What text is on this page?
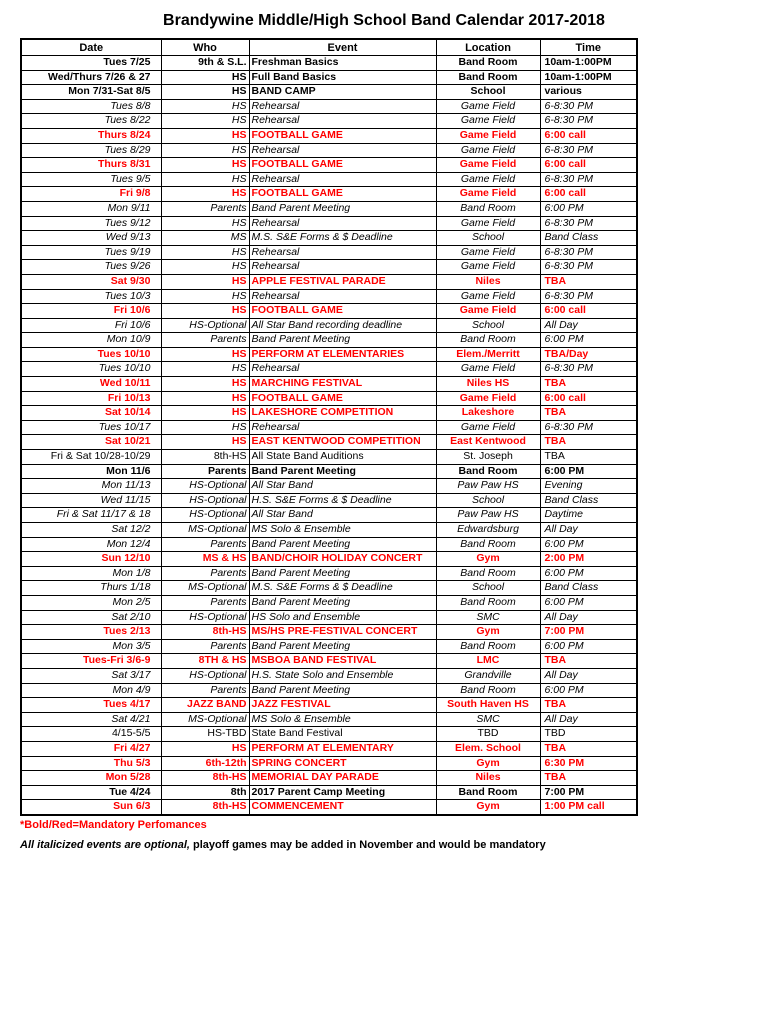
Brandywine Middle/High School Band Calendar 2017-2018
Date	Who	Event	Location	Time
Tues 7/25	9th & S.L.	Freshman Basics	Band Room	10am-1:00PM
Wed/Thurs 7/26 & 27	HS	Full Band Basics	Band Room	10am-1:00PM
Mon 7/31-Sat 8/5	HS	BAND CAMP	School	various
Tues 8/8	HS	Rehearsal	Game Field	6-8:30 PM
Tues 8/22	HS	Rehearsal	Game Field	6-8:30 PM
Thurs 8/24	HS	FOOTBALL GAME	Game Field	6:00 call
Tues 8/29	HS	Rehearsal	Game Field	6-8:30 PM
Thurs 8/31	HS	FOOTBALL GAME	Game Field	6:00 call
Tues 9/5	HS	Rehearsal	Game Field	6-8:30 PM
Fri 9/8	HS	FOOTBALL GAME	Game Field	6:00 call
Mon 9/11	Parents	Band Parent Meeting	Band Room	6:00 PM
Tues 9/12	HS	Rehearsal	Game Field	6-8:30 PM
Wed 9/13	MS	M.S. S&E Forms & $ Deadline	School	Band Class
Tues 9/19	HS	Rehearsal	Game Field	6-8:30 PM
Tues 9/26	HS	Rehearsal	Game Field	6-8:30 PM
Sat 9/30	HS	APPLE FESTIVAL PARADE	Niles	TBA
Tues 10/3	HS	Rehearsal	Game Field	6-8:30 PM
Fri 10/6	HS	FOOTBALL GAME	Game Field	6:00 call
Fri 10/6	HS-Optional	All Star Band recording deadline	School	All Day
Mon 10/9	Parents	Band Parent Meeting	Band Room	6:00 PM
Tues 10/10	HS	PERFORM AT ELEMENTARIES	Elem./Merritt	TBA/Day
Tues 10/10	HS	Rehearsal	Game Field	6-8:30 PM
Wed 10/11	HS	MARCHING FESTIVAL	Niles HS	TBA
Fri 10/13	HS	FOOTBALL GAME	Game Field	6:00 call
Sat 10/14	HS	LAKESHORE COMPETITION	Lakeshore	TBA
Tues 10/17	HS	Rehearsal	Game Field	6-8:30 PM
Sat 10/21	HS	EAST KENTWOOD COMPETITION	East Kentwood	TBA
Fri & Sat 10/28-10/29	8th-HS	All State Band Auditions	St. Joseph	TBA
Mon 11/6	Parents	Band Parent Meeting	Band Room	6:00 PM
Mon 11/13	HS-Optional	All Star Band	Paw Paw HS	Evening
Wed 11/15	HS-Optional	H.S. S&E Forms & $ Deadline	School	Band Class
Fri & Sat 11/17 & 18	HS-Optional	All Star Band	Paw Paw HS	Daytime
Sat 12/2	MS-Optional	MS Solo & Ensemble	Edwardsburg	All Day
Mon 12/4	Parents	Band Parent Meeting	Band Room	6:00 PM
Sun 12/10	MS & HS	BAND/CHOIR HOLIDAY CONCERT	Gym	2:00 PM
Mon 1/8	Parents	Band Parent Meeting	Band Room	6:00 PM
Thurs 1/18	MS-Optional	M.S. S&E Forms & $ Deadline	School	Band Class
Mon 2/5	Parents	Band Parent Meeting	Band Room	6:00 PM
Sat 2/10	HS-Optional	HS Solo and Ensemble	SMC	All Day
Tues 2/13	8th-HS	MS/HS PRE-FESTIVAL CONCERT	Gym	7:00 PM
Mon 3/5	Parents	Band Parent Meeting	Band Room	6:00 PM
Tues-Fri 3/6-9	8TH & HS	MSBOA BAND FESTIVAL	LMC	TBA
Sat 3/17	HS-Optional	H.S. State Solo and Ensemble	Grandville	All Day
Mon 4/9	Parents	Band Parent Meeting	Band Room	6:00 PM
Tues 4/17	JAZZ BAND	JAZZ FESTIVAL	South Haven HS	TBA
Sat 4/21	MS-Optional	MS Solo & Ensemble	SMC	All Day
4/15-5/5	HS-TBD	State Band Festival	TBD	TBD
Fri 4/27	HS	PERFORM AT ELEMENTARY	Elem. School	TBA
Thu 5/3	6th-12th	SPRING CONCERT	Gym	6:30 PM
Mon 5/28	8th-HS	MEMORIAL DAY PARADE	Niles	TBA
Tue 4/24	8th	2017 Parent Camp Meeting	Band Room	7:00 PM
Sun 6/3	8th-HS	COMMENCEMENT	Gym	1:00 PM call

*Bold/Red=Mandatory Perfomances

All italicized events are optional, playoff games may be added in November and would be mandatory
